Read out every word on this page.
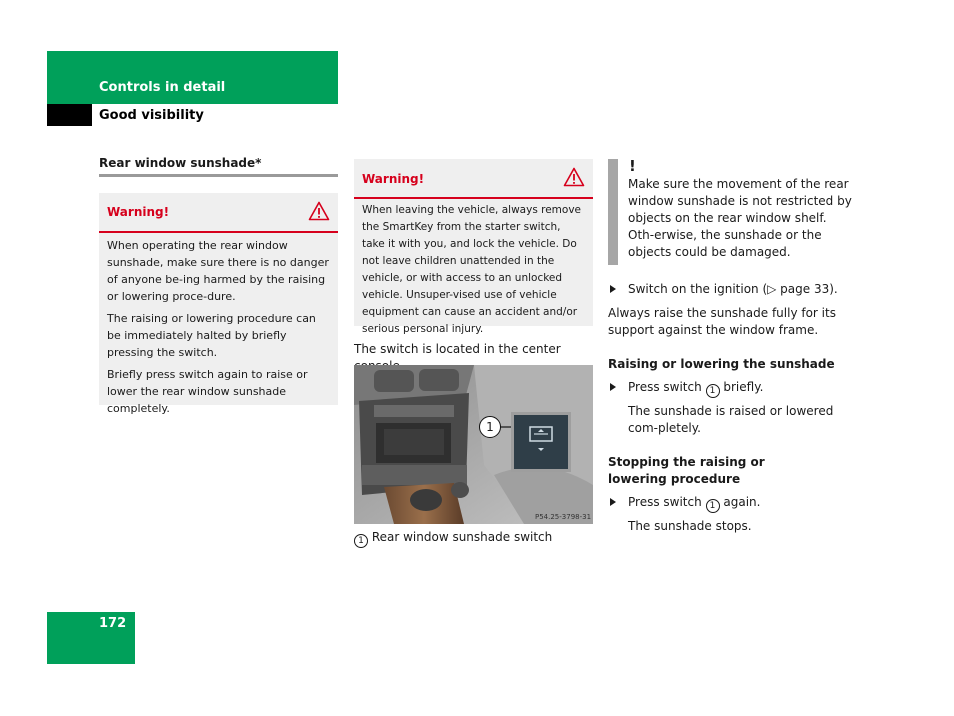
Controls in detail
Good visibility
Rear window sunshade*
Warning!

When operating the rear window sunshade, make sure there is no danger of anyone be-ing harmed by the raising or lowering proce-dure.

The raising or lowering procedure can be immediately halted by briefly pressing the switch.

Briefly press switch again to raise or lower the rear window sunshade completely.

Warning!
When leaving the vehicle, always remove the SmartKey from the starter switch, take it with you, and lock the vehicle. Do not leave children unattended in the vehicle, or with access to an unlocked vehicle. Unsuper-vised use of vehicle equipment can cause an accident and/or serious personal injury.
The switch is located in the center
1
P54.25-3798-31
1 Rear window sunshade switch
!
Make sure the movement of the rear window sunshade is not restricted by objects on the rear window shelf. Oth-erwise, the sunshade or the objects could be damaged.
Switch on the ignition (▷ page 33).
Always raise the sunshade fully for its support against the window frame.
Raising or lowering the sunshade
Press switch 1 briefly.
The sunshade is raised or lowered com-pletely.
Stopping the raising or lowering procedure
Press switch 1 again.
The sunshade stops.
172
